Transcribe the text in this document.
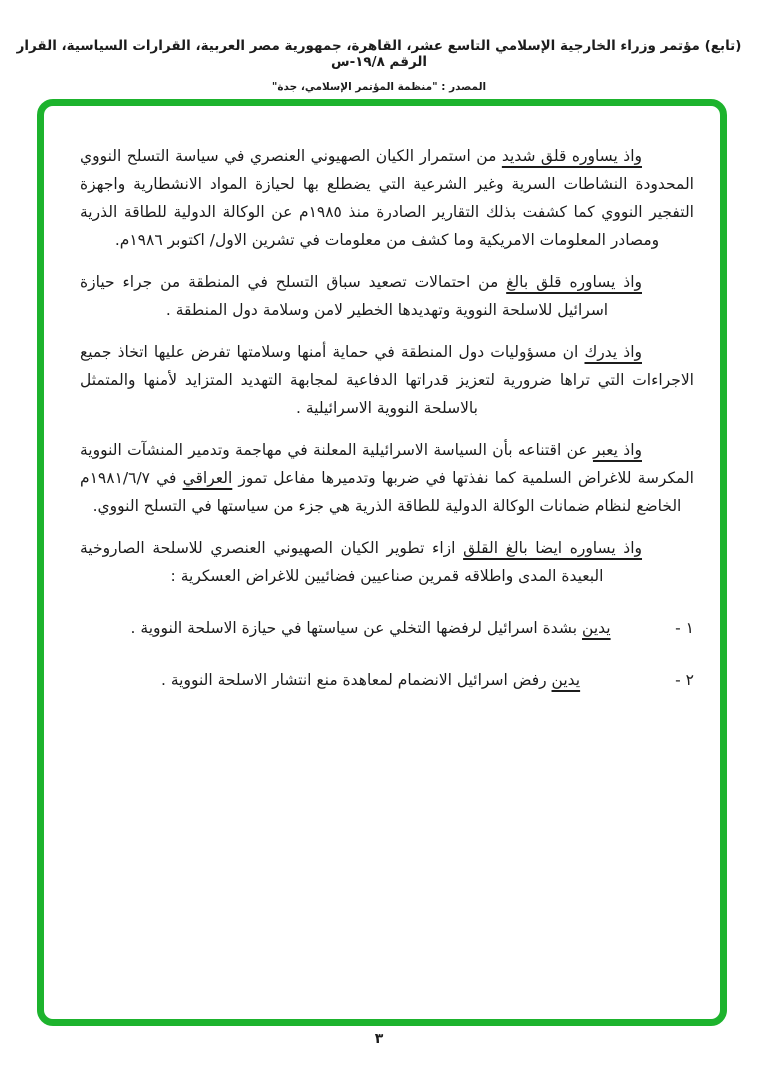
(تابع) مؤتمر وزراء الخارجية الإسلامي التاسع عشر، القاهرة، جمهورية مصر العربية، القرارات السياسية، القرار الرقم ١٩/٨-س
المصدر : "منظمة المؤتمر الإسلامي، جدة"

واذ يساوره قلق شديد من استمرار الكيان الصهيوني العنصري في سياسة التسلح النووي المحدودة النشاطات السرية وغير الشرعية التي يضطلع بها لحيازة المواد الانشطارية واجهزة التفجير النووي كما كشفت بذلك التقارير الصادرة منذ ١٩٨٥م عن الوكالة الدولية للطاقة الذرية ومصادر المعلومات الامريكية وما كشف من معلومات في تشرين الاول/ اكتوبر ١٩٨٦م.

واذ يساوره قلق بالغ من احتمالات تصعيد سباق التسلح في المنطقة من جراء حيازة اسرائيل للاسلحة النووية وتهديدها الخطير لامن وسلامة دول المنطقة .

واذ يدرك ان مسؤوليات دول المنطقة في حماية أمنها وسلامتها تفرض عليها اتخاذ جميع الاجراءات التي تراها ضرورية لتعزيز قدراتها الدفاعية لمجابهة التهديد المتزايد لأمنها والمتمثل بالاسلحة النووية الاسرائيلية .

واذ يعبر عن اقتناعه بأن السياسة الاسرائيلية المعلنة في مهاجمة وتدمير المنشآت النووية المكرسة للاغراض السلمية كما نفذتها في ضربها وتدميرها مفاعل تموز العراقي في ١٩٨١/٦/٧م الخاضع لنظام ضمانات الوكالة الدولية للطاقة الذرية هي جزء من سياستها في التسلح النووي.

واذ يساوره ايضا بالغ القلق ازاء تطوير الكيان الصهيوني العنصري للاسلحة الصاروخية البعيدة المدى واطلاقه قمرين صناعيين فضائيين للاغراض العسكرية :

١ -
يدين بشدة اسرائيل لرفضها التخلي عن سياستها في حيازة الاسلحة النووية .
٢ -
يدين رفض اسرائيل الانضمام لمعاهدة منع انتشار الاسلحة النووية .
٣
